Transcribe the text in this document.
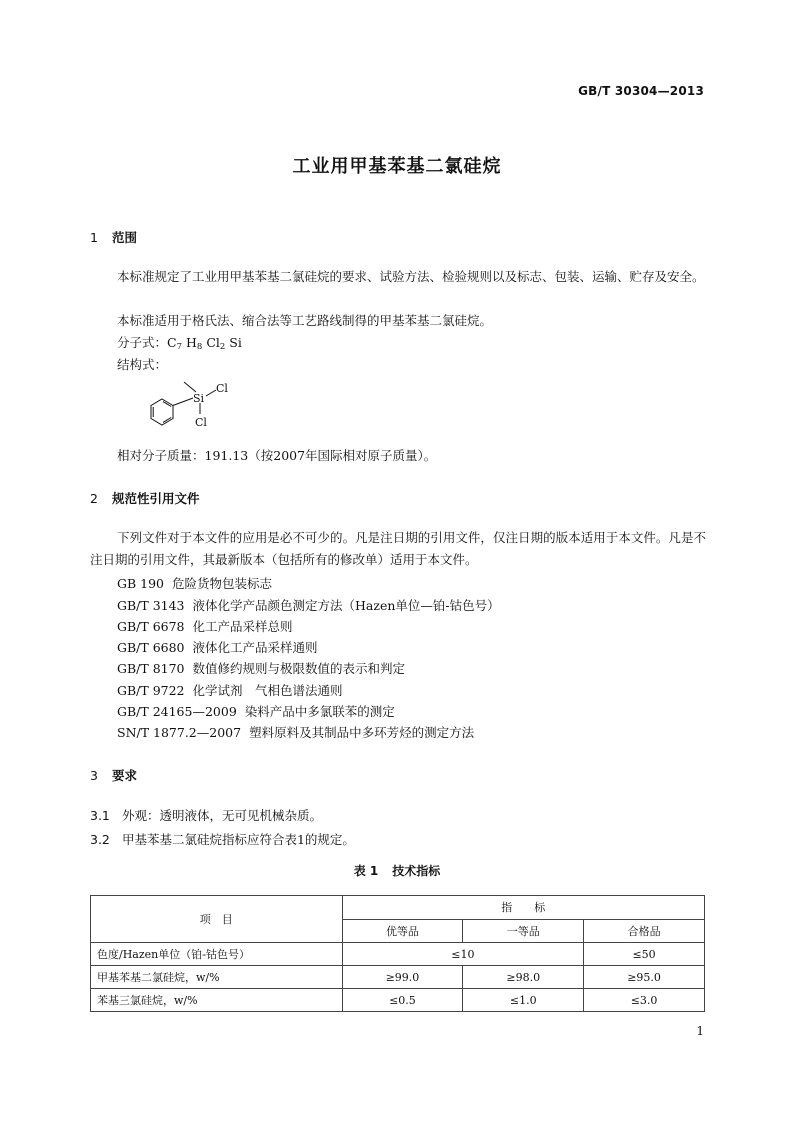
GB/T 30304—2013
工业用甲基苯基二氯硅烷
1 范围
本标准规定了工业用甲基苯基二氯硅烷的要求、试验方法、检验规则以及标志、包装、运输、贮存及安全。
本标准适用于格氏法、缩合法等工艺路线制得的甲基苯基二氯硅烷。
分子式：$C_7$ $H_8$ $Cl_2$ Si
结构式：
Si
Cl
Cl
相对分子质量：191.13（按2007年国际相对原子质量）。
2 规范性引用文件
下列文件对于本文件的应用是必不可少的。凡是注日期的引用文件，仅注日期的版本适用于本文件。凡是不注日期的引用文件，其最新版本（包括所有的修改单）适用于本文件。
GB 190 危险货物包装标志
GB/T 3143 液体化学产品颜色测定方法（Hazen单位—铂-钴色号）
GB/T 6678 化工产品采样总则
GB/T 6680 液体化工产品采样通则
GB/T 8170 数值修约规则与极限数值的表示和判定
GB/T 9722 化学试剂　气相色谱法通则
GB/T 24165—2009 染料产品中多氯联苯的测定
SN/T 1877.2—2007 塑料原料及其制品中多环芳烃的测定方法
3 要求
3.1 外观：透明液体，无可见机械杂质。
3.2 甲基苯基二氯硅烷指标应符合表1的规定。
表 1 技术指标
项　目	指　　标		
	优等品	一等品	合格品
色度/Hazen单位（铂-钴色号）	≤10		≤50
甲基苯基二氯硅烷，w/%	≥99.0	≥98.0	≥95.0
苯基三氯硅烷，w/%	≤0.5	≤1.0	≤3.0
1
